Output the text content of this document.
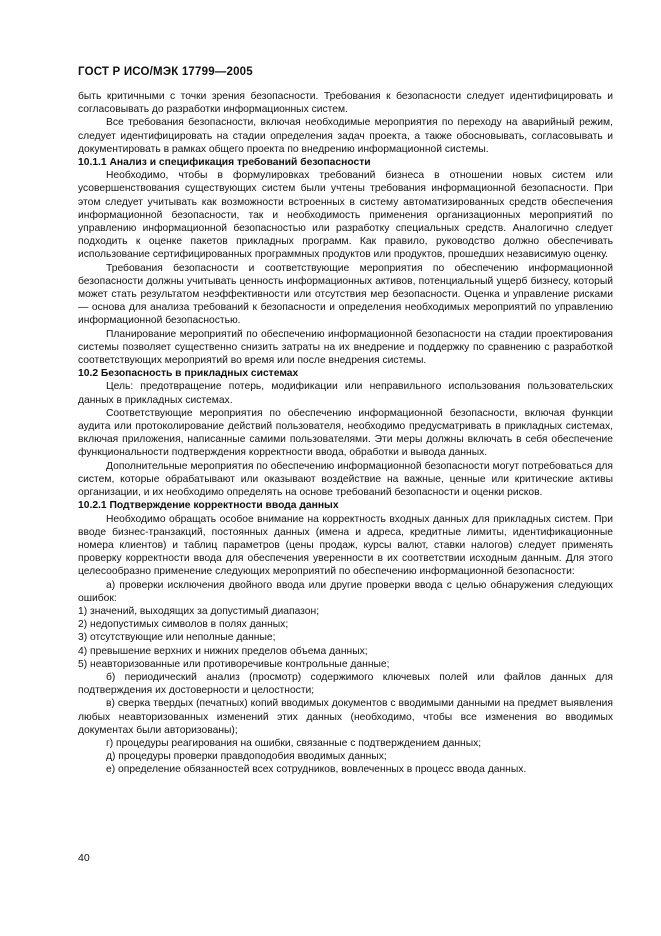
ГОСТ Р ИСО/МЭК 17799—2005

быть критичными с точки зрения безопасности. Требования к безопасности следует идентифицировать и согласовывать до разработки информационных систем.

Все требования безопасности, включая необходимые мероприятия по переходу на аварийный режим, следует идентифицировать на стадии определения задач проекта, а также обосновывать, согласовывать и документировать в рамках общего проекта по внедрению информационной системы.

10.1.1 Анализ и спецификация требований безопасности

Необходимо, чтобы в формулировках требований бизнеса в отношении новых систем или усовершенствования существующих систем были учтены требования информационной безопасности. При этом следует учитывать как возможности встроенных в систему автоматизированных средств обеспечения информационной безопасности, так и необходимость применения организационных мероприятий по управлению информационной безопасностью или разработку специальных средств. Аналогично следует подходить к оценке пакетов прикладных программ. Как правило, руководство должно обеспечивать использование сертифицированных программных продуктов или продуктов, прошедших независимую оценку.

Требования безопасности и соответствующие мероприятия по обеспечению информационной безопасности должны учитывать ценность информационных активов, потенциальный ущерб бизнесу, который может стать результатом неэффективности или отсутствия мер безопасности. Оценка и управление рисками — основа для анализа требований к безопасности и определения необходимых мероприятий по управлению информационной безопасностью.

Планирование мероприятий по обеспечению информационной безопасности на стадии проектирования системы позволяет существенно снизить затраты на их внедрение и поддержку по сравнению с разработкой соответствующих мероприятий во время или после внедрения системы.

10.2 Безопасность в прикладных системах

Цель: предотвращение потерь, модификации или неправильного использования пользовательских данных в прикладных системах.

Соответствующие мероприятия по обеспечению информационной безопасности, включая функции аудита или протоколирование действий пользователя, необходимо предусматривать в прикладных системах, включая приложения, написанные самими пользователями. Эти меры должны включать в себя обеспечение функциональности подтверждения корректности ввода, обработки и вывода данных.

Дополнительные мероприятия по обеспечению информационной безопасности могут потребоваться для систем, которые обрабатывают или оказывают воздействие на важные, ценные или критические активы организации, и их необходимо определять на основе требований безопасности и оценки рисков.

10.2.1 Подтверждение корректности ввода данных

Необходимо обращать особое внимание на корректность входных данных для прикладных систем. При вводе бизнес-транзакций, постоянных данных (имена и адреса, кредитные лимиты, идентификационные номера клиентов) и таблиц параметров (цены продаж, курсы валют, ставки налогов) следует применять проверку корректности ввода для обеспечения уверенности в их соответствии исходным данным. Для этого целесообразно применение следующих мероприятий по обеспечению информационной безопасности:

а) проверки исключения двойного ввода или другие проверки ввода с целью обнаружения следующих ошибок:

1) значений, выходящих за допустимый диапазон;

2) недопустимых символов в полях данных;

3) отсутствующие или неполные данные;

4) превышение верхних и нижних пределов объема данных;

5) неавторизованные или противоречивые контрольные данные;

б) периодический анализ (просмотр) содержимого ключевых полей или файлов данных для подтверждения их достоверности и целостности;

в) сверка твердых (печатных) копий вводимых документов с вводимыми данными на предмет выявления любых неавторизованных изменений этих данных (необходимо, чтобы все изменения во вводимых документах были авторизованы);

г) процедуры реагирования на ошибки, связанные с подтверждением данных;

д) процедуры проверки правдоподобия вводимых данных;

е) определение обязанностей всех сотрудников, вовлеченных в процесс ввода данных.

40
